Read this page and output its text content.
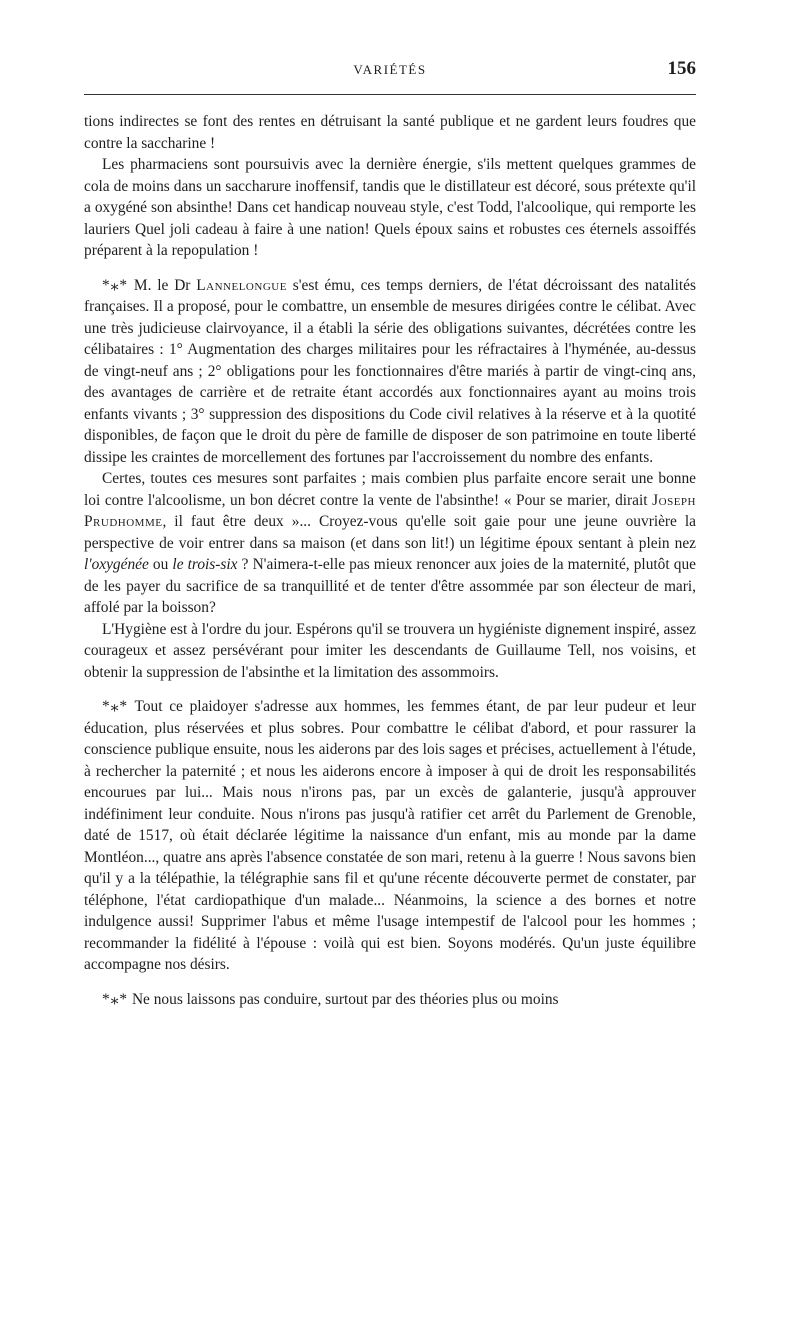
VARIÉTÉS	156

tions indirectes se font des rentes en détruisant la santé publique et ne gardent leurs foudres que contre la saccharine !

Les pharmaciens sont poursuivis avec la dernière énergie, s'ils mettent quelques grammes de cola de moins dans un saccharure inoffensif, tandis que le distillateur est décoré, sous prétexte qu'il a oxygéné son absinthe! Dans cet handicap nouveau style, c'est Todd, l'alcoolique, qui remporte les lauriers Quel joli cadeau à faire à une nation! Quels époux sains et robustes ces éternels assoiffés préparent à la repopulation !

*⁎* M. le Dr Lannelongue s'est ému, ces temps derniers, de l'état décroissant des natalités françaises. Il a proposé, pour le combattre, un ensemble de mesures dirigées contre le célibat. Avec une très judicieuse clairvoyance, il a établi la série des obligations suivantes, décrétées contre les célibataires : 1° Augmentation des charges militaires pour les réfractaires à l'hyménée, au-dessus de vingt-neuf ans ; 2° obligations pour les fonctionnaires d'être mariés à partir de vingt-cinq ans, des avantages de carrière et de retraite étant accordés aux fonctionnaires ayant au moins trois enfants vivants ; 3° suppression des dispositions du Code civil relatives à la réserve et à la quotité disponibles, de façon que le droit du père de famille de disposer de son patrimoine en toute liberté dissipe les craintes de morcellement des fortunes par l'accroissement du nombre des enfants.

Certes, toutes ces mesures sont parfaites ; mais combien plus parfaite encore serait une bonne loi contre l'alcoolisme, un bon décret contre la vente de l'absinthe! « Pour se marier, dirait Joseph Prudhomme, il faut être deux »... Croyez-vous qu'elle soit gaie pour une jeune ouvrière la perspective de voir entrer dans sa maison (et dans son lit!) un légitime époux sentant à plein nez l'oxygénée ou le trois-six ? N'aimera-t-elle pas mieux renoncer aux joies de la maternité, plutôt que de les payer du sacrifice de sa tranquillité et de tenter d'être assommée par son électeur de mari, affolé par la boisson?

L'Hygiène est à l'ordre du jour. Espérons qu'il se trouvera un hygiéniste dignement inspiré, assez courageux et assez persévérant pour imiter les descendants de Guillaume Tell, nos voisins, et obtenir la suppression de l'absinthe et la limitation des assommoirs.

*⁎* Tout ce plaidoyer s'adresse aux hommes, les femmes étant, de par leur pudeur et leur éducation, plus réservées et plus sobres. Pour combattre le célibat d'abord, et pour rassurer la conscience publique ensuite, nous les aiderons par des lois sages et précises, actuellement à l'étude, à rechercher la paternité ; et nous les aiderons encore à imposer à qui de droit les responsabilités encourues par lui... Mais nous n'irons pas, par un excès de galanterie, jusqu'à approuver indéfiniment leur conduite. Nous n'irons pas jusqu'à ratifier cet arrêt du Parlement de Grenoble, daté de 1517, où était déclarée légitime la naissance d'un enfant, mis au monde par la dame Montléon..., quatre ans après l'absence constatée de son mari, retenu à la guerre ! Nous savons bien qu'il y a la télépathie, la télégraphie sans fil et qu'une récente découverte permet de constater, par téléphone, l'état cardiopathique d'un malade... Néanmoins, la science a des bornes et notre indulgence aussi! Supprimer l'abus et même l'usage intempestif de l'alcool pour les hommes ; recommander la fidélité à l'épouse : voilà qui est bien. Soyons modérés. Qu'un juste équilibre accompagne nos désirs.

*⁎* Ne nous laissons pas conduire, surtout par des théories plus ou moins
